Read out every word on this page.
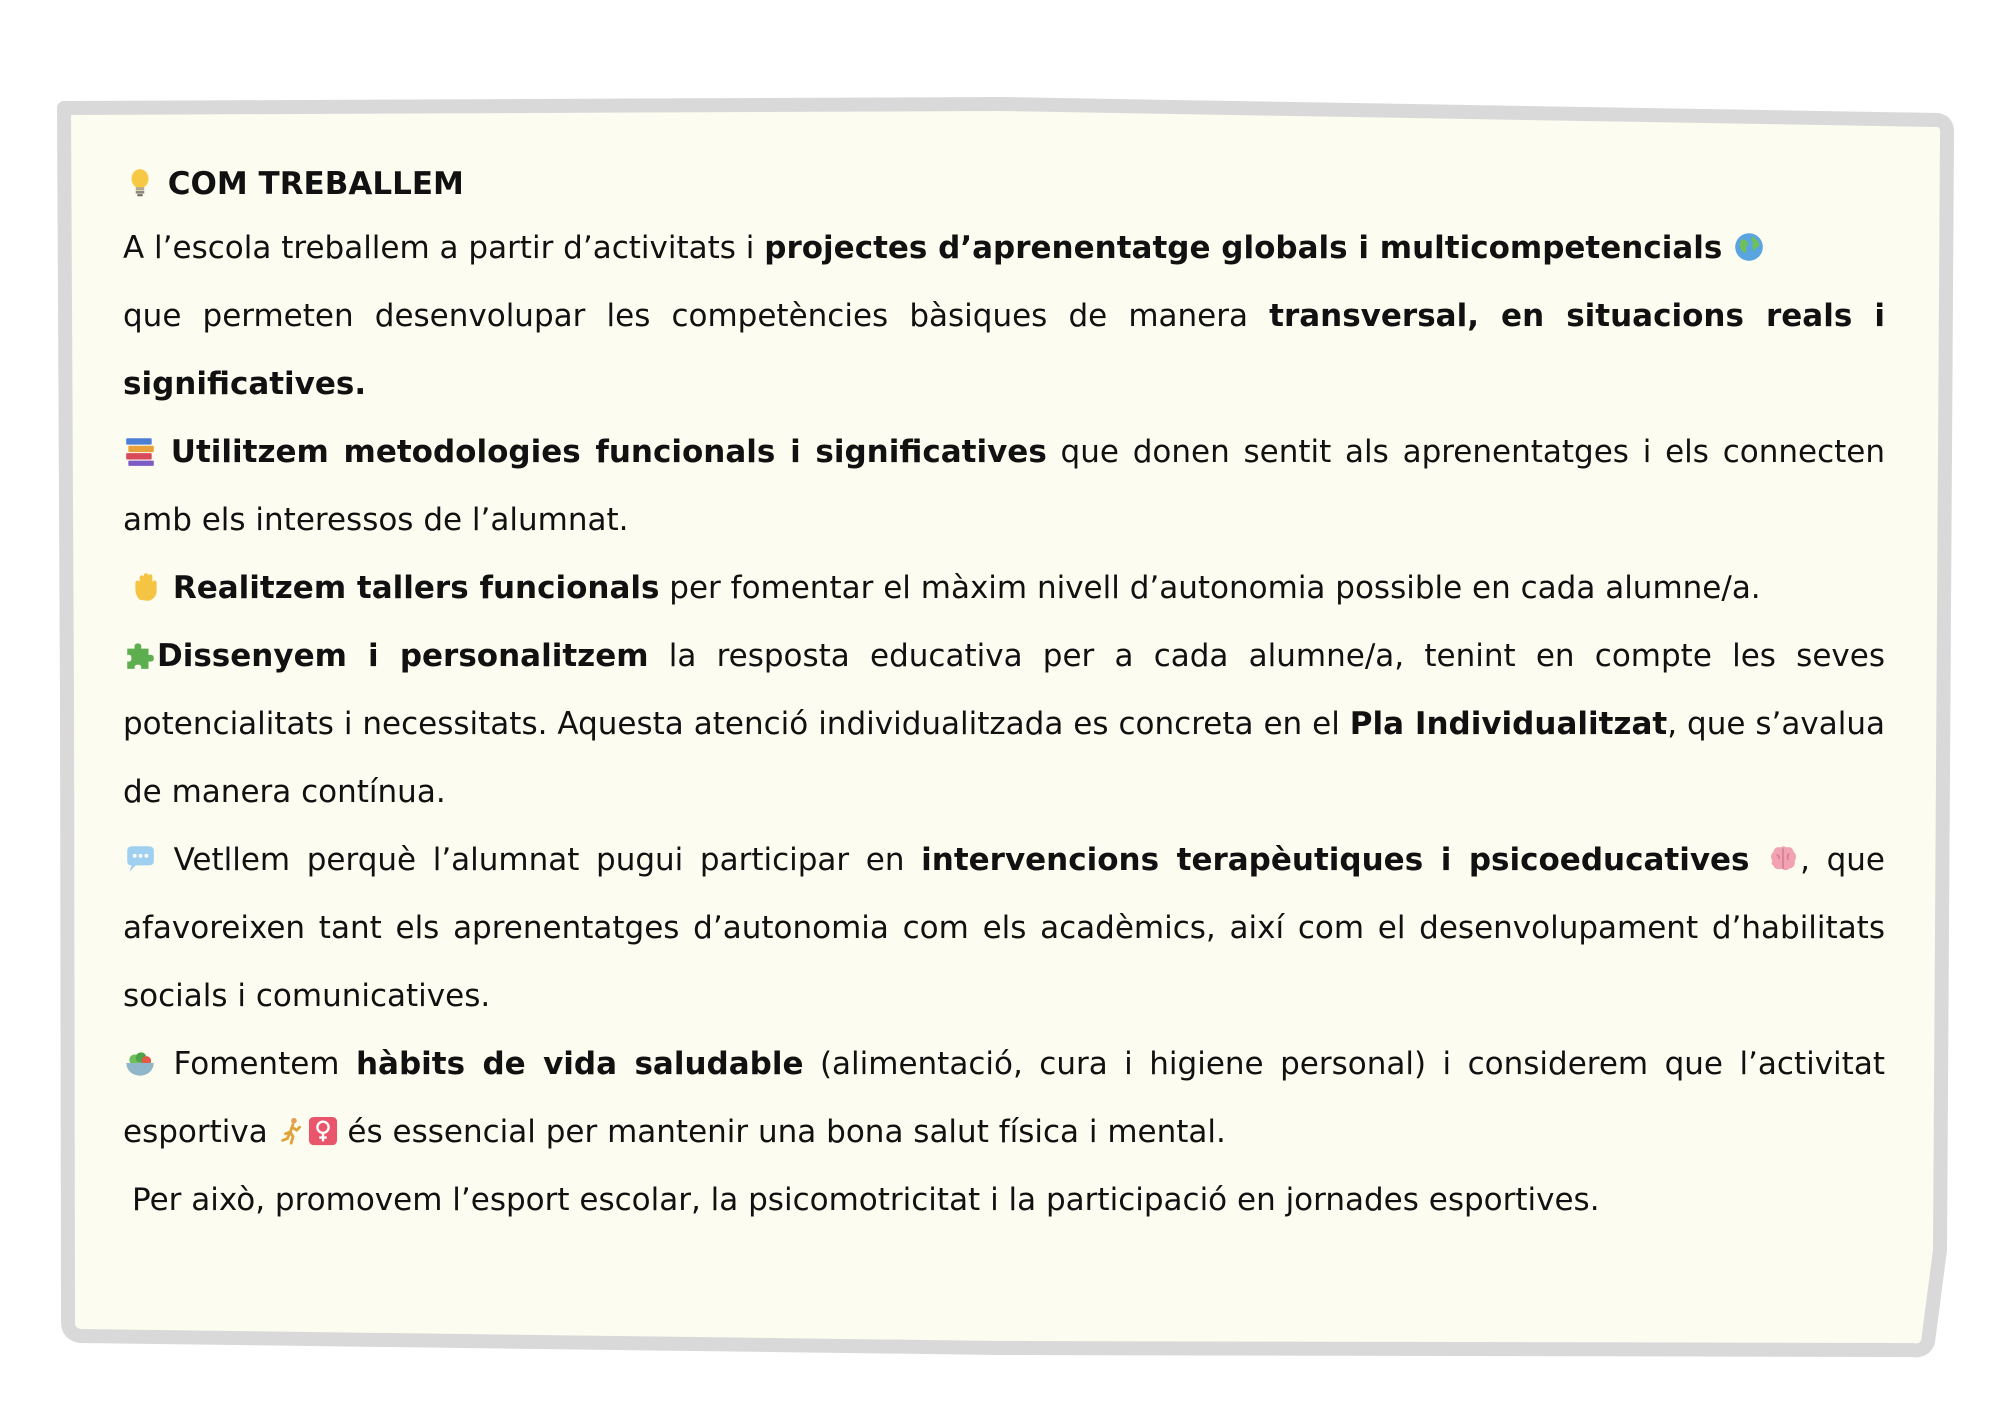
COM TREBALLEM

A l’escola treballem a partir d’activitats i projectes d’aprenentatge globals i multicompetencials

que permeten desenvolupar les competències bàsiques de manera transversal, en situacions reals i significatives.

Utilitzem metodologies funcionals i significatives que donen sentit als aprenentatges i els connecten amb els interessos de l’alumnat.

Realitzem tallers funcionals per fomentar el màxim nivell d’autonomia possible en cada alumne/a.

Dissenyem i personalitzem la resposta educativa per a cada alumne/a, tenint en compte les seves potencialitats i necessitats. Aquesta atenció individualitzada es concreta en el Pla Individualitzat, que s’avalua de manera contínua.

Vetllem perquè l’alumnat pugui participar en intervencions terapèutiques i psicoeducatives , que afavoreixen tant els aprenentatges d’autonomia com els acadèmics, així com el desenvolupament d’habilitats socials i comunicatives.

Fomentem hàbits de vida saludable (alimentació, cura i higiene personal) i considerem que l’activitat esportiva  és essencial per mantenir una bona salut física i mental.

Per això, promovem l’esport escolar, la psicomotricitat i la participació en jornades esportives.
